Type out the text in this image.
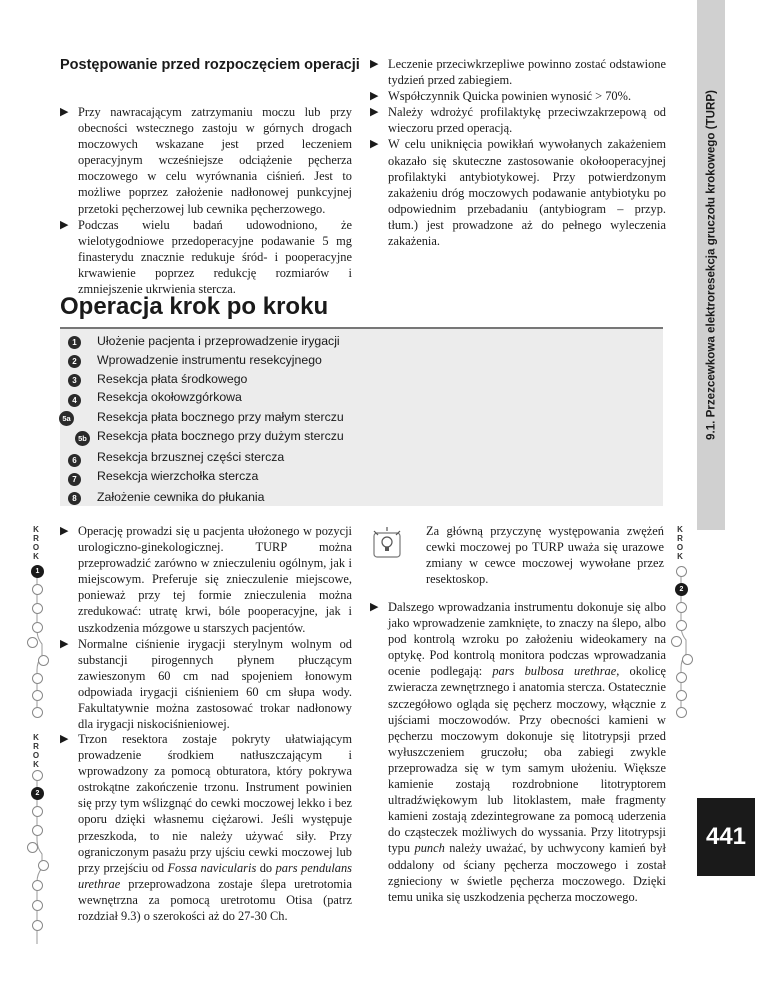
9.1. Przezcewkowa elektroresekcja gruczołu krokowego (TURP)
Postępowanie przed rozpoczęciem operacji
▶ Przy nawracającym zatrzymaniu moczu lub przy obecności wstecznego zastoju w górnych drogach moczowych wskazane jest przed leczeniem operacyjnym wcześniejsze odciążenie pęcherza moczowego w celu wyrównania ciśnień. Jest to możliwe poprzez założenie nadłonowej punkcyjnej przetoki pęcherzowej lub cewnika pęcherzowego.
▶ Podczas wielu badań udowodniono, że wielotygodniowe przedoperacyjne podawanie 5 mg finasterydu znacznie redukuje śród- i pooperacyjne krwawienie poprzez redukcję rozmiarów i zmniejszenie ukrwienia stercza.
▶ Leczenie przeciwkrzepliwe powinno zostać odstawione tydzień przed zabiegiem.
▶ Współczynnik Quicka powinien wynosić > 70%.
▶ Należy wdrożyć profilaktykę przeciwzakrzepową od wieczoru przed operacją.
▶ W celu uniknięcia powikłań wywołanych zakażeniem okazało się skuteczne zastosowanie okołooperacyjnej profilaktyki antybiotykowej. Przy potwierdzonym zakażeniu dróg moczowych podawanie antybiotyku po odpowiednim przebadaniu (antybiogram – przyp. tłum.) jest prowadzone aż do pełnego wyleczenia zakażenia.
Operacja krok po kroku
1	Ułożenie pacjenta i przeprowadzenie irygacji
2	Wprowadzenie instrumentu resekcyjnego
3	Resekcja płata środkowego
4	Resekcja okołowzgórkowa
5a Resekcja płata bocznego przy małym sterczu
5b Resekcja płata bocznego przy dużym sterczu
6	Resekcja brzusznej części stercza
7	Resekcja wierzchołka stercza
8	Założenie cewnika do płukania
K
R
O
K
1
K
R
O
K
2
K
R
O
K
2
▶ Operację prowadzi się u pacjenta ułożonego w pozycji urologiczno-ginekologicznej. TURP można przeprowadzić zarówno w znieczuleniu ogólnym, jak i miejscowym. Preferuje się znieczulenie miejscowe, ponieważ przy tej formie znieczulenia można zredukować: utratę krwi, bóle pooperacyjne, jak i uszkodzenia mózgowe u starszych pacjentów.
▶ Normalne ciśnienie irygacji sterylnym wolnym od substancji pirogennych płynem płuczącym zawieszonym 60 cm nad spojeniem łonowym odpowiada irygacji ciśnieniem 60 cm słupa wody. Fakultatywnie można zastosować trokar nadłonowy dla irygacji niskociśnieniowej.
▶ Trzon resektora zostaje pokryty ułatwiającym prowadzenie środkiem natłuszczającym i wprowadzony za pomocą obturatora, który pokrywa ostrokątne zakończenie trzonu. Instrument powinien się przy tym wślizgnąć do cewki moczowej lekko i bez oporu dzięki własnemu ciężarowi. Jeśli występuje przeszkoda, to nie należy używać siły. Przy ograniczonym pasażu przy ujściu cewki moczowej lub przy przejściu od Fossa navicularis do pars pendulans urethrae przeprowadzona zostaje ślepa uretrotomia wewnętrzna za pomocą uretrotomu Otisa (patrz rozdział 9.3) o szerokości aż do 27-30 Ch.
Za główną przyczynę występowania zwężeń cewki moczowej po TURP uważa się urazowe zmiany w cewce moczowej wywołane przez resektoskop.
▶ Dalszego wprowadzania instrumentu dokonuje się albo jako wprowadzenie zamknięte, to znaczy na ślepo, albo pod kontrolą wzroku po założeniu wideokamery na optykę. Pod kontrolą monitora podczas wprowadzania ocenie podlegają: pars bulbosa urethrae, okolicę zwieracza zewnętrznego i anatomia stercza. Ostatecznie szczegółowo ogląda się pęcherz moczowy, włącznie z ujściami moczowodów. Przy obecności kamieni w pęcherzu moczowym dokonuje się litotrypsji przed wyłuszczeniem gruczołu; oba zabiegi zwykle przeprowadza się w tym samym ułożeniu. Większe kamienie zostają rozdrobnione litotryptorem ultradźwiękowym lub litoklastem, małe fragmenty kamieni zostają zdezintegrowane za pomocą uderzenia do cząsteczek możliwych do wyssania. Przy litotrypsji typu punch należy uważać, by uchwycony kamień był oddalony od ściany pęcherza moczowego i został zgnieciony w świetle pęcherza moczowego. Dzięki temu unika się uszkodzenia pęcherza moczowego.
441
